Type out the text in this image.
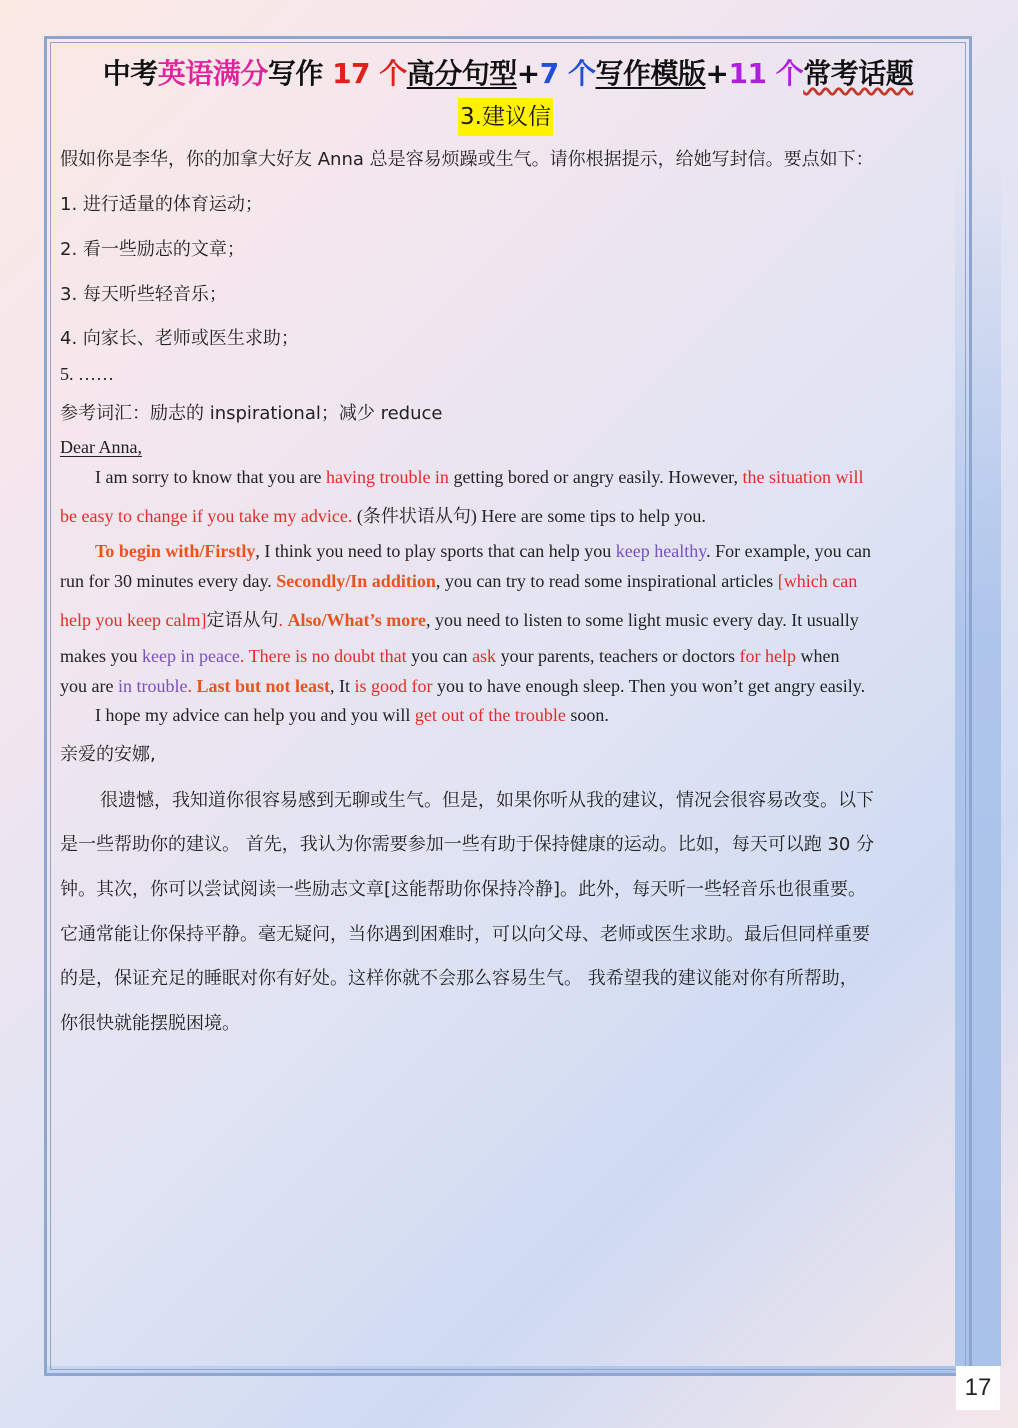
中考英语满分写作 17 个高分句型+7 个写作模版+11 个常考话题
3.建议信
假如你是李华，你的加拿大好友 Anna 总是容易烦躁或生气。请你根据提示，给她写封信。要点如下：
1. 进行适量的体育运动；
2. 看一些励志的文章；
3. 每天听些轻音乐；
4. 向家长、老师或医生求助；
5. ……
参考词汇：励志的 inspirational；减少 reduce
Dear Anna,
I am sorry to know that you are having trouble in getting bored or angry easily. However, the situation will
be easy to change if you take my advice. (条件状语从句) Here are some tips to help you.
To begin with/Firstly, I think you need to play sports that can help you keep healthy. For example, you can
run for 30 minutes every day. Secondly/In addition, you can try to read some inspirational articles [which can
help you keep calm]定语从句. Also/What’s more, you need to listen to some light music every day. It usually
makes you keep in peace. There is no doubt that you can ask your parents, teachers or doctors for help when
you are in trouble. Last but not least, It is good for you to have enough sleep. Then you won’t get angry easily.
I hope my advice can help you and you will get out of the trouble soon.
亲爱的安娜,
很遗憾，我知道你很容易感到无聊或生气。但是，如果你听从我的建议，情况会很容易改变。以下
是一些帮助你的建议。 首先，我认为你需要参加一些有助于保持健康的运动。比如，每天可以跑 30 分
钟。其次，你可以尝试阅读一些励志文章[这能帮助你保持冷静]。此外，每天听一些轻音乐也很重要。
它通常能让你保持平静。毫无疑问，当你遇到困难时，可以向父母、老师或医生求助。最后但同样重要
的是，保证充足的睡眠对你有好处。这样你就不会那么容易生气。 我希望我的建议能对你有所帮助，
你很快就能摆脱困境。
17
